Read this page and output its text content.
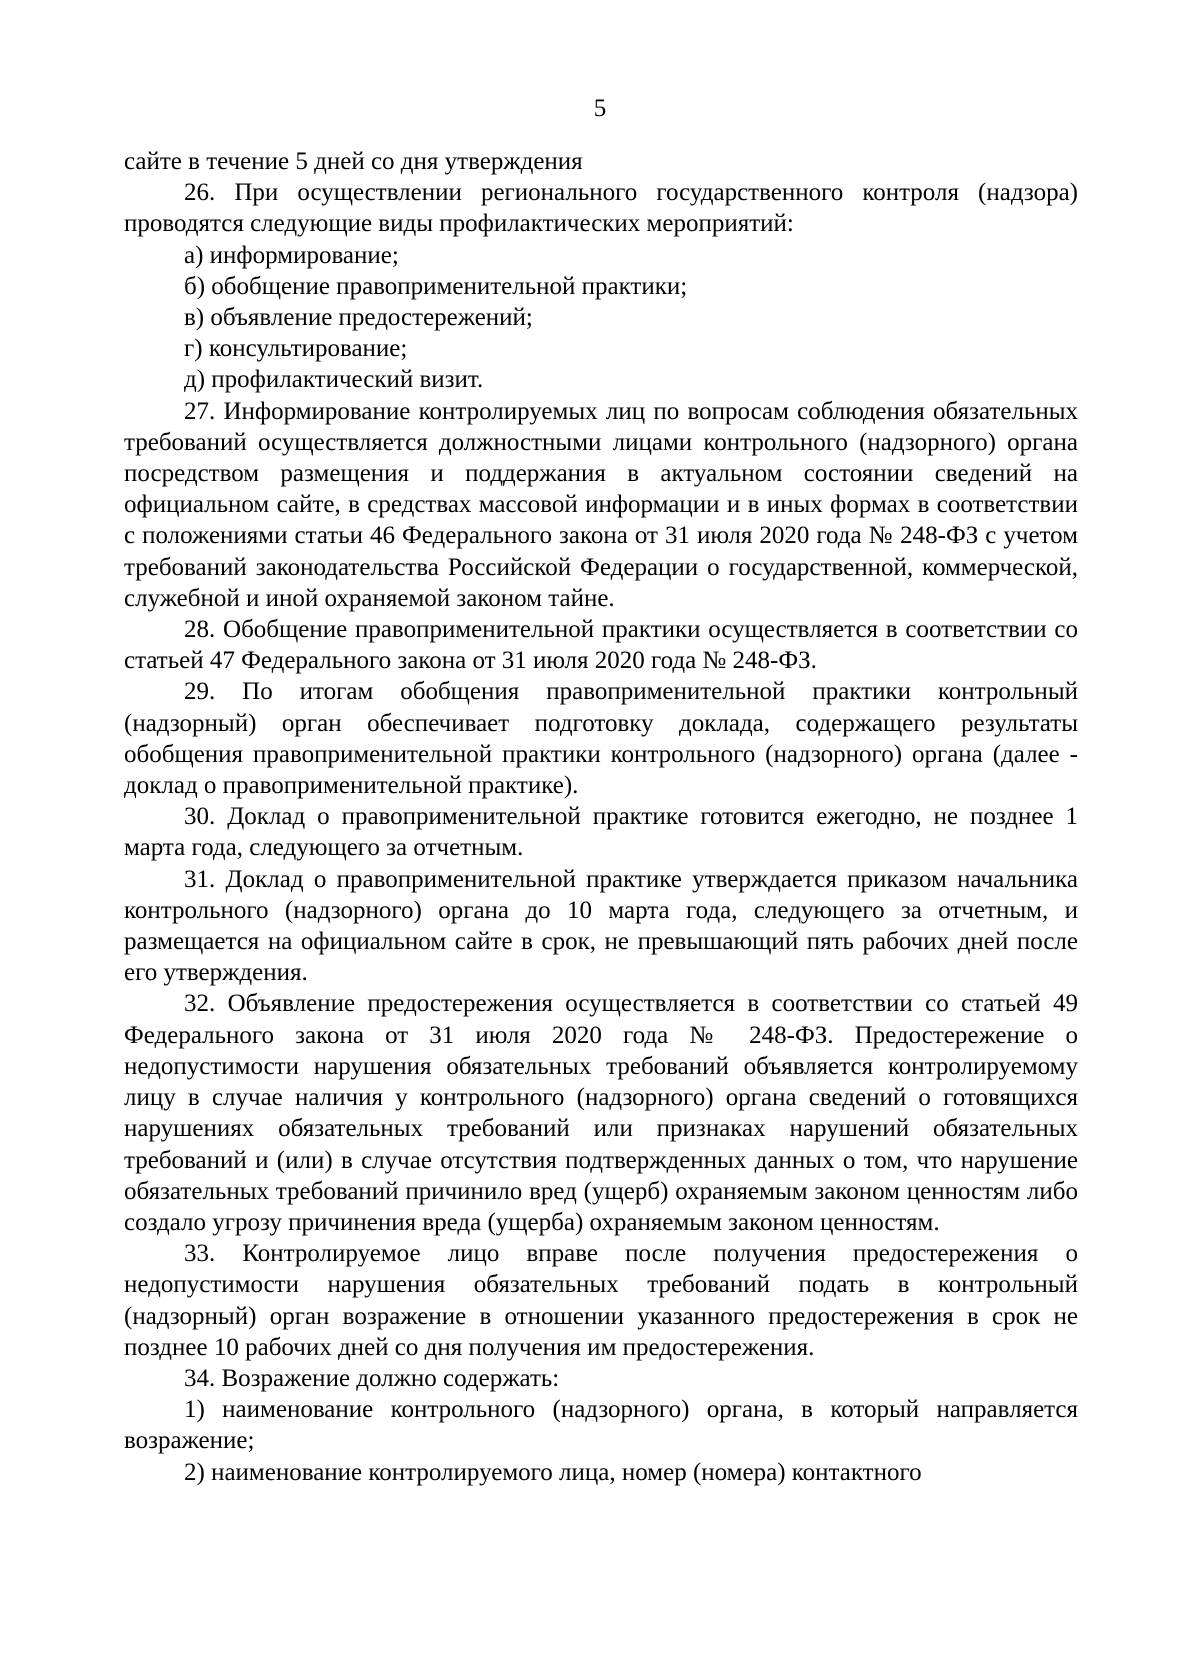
5

сайте в течение 5 дней со дня утверждения

26. При осуществлении регионального государственного контроля (надзора) проводятся следующие виды профилактических мероприятий:

а) информирование;

б) обобщение правоприменительной практики;

в) объявление предостережений;

г) консультирование;

д) профилактический визит.

27. Информирование контролируемых лиц по вопросам соблюдения обязательных требований осуществляется должностными лицами контрольного (надзорного) органа посредством размещения и поддержания в актуальном состоянии сведений на официальном сайте, в средствах массовой информации и в иных формах в соответствии с положениями статьи 46 Федерального закона от 31 июля 2020 года № 248-ФЗ с учетом требований законодательства Российской Федерации о государственной, коммерческой, служебной и иной охраняемой законом тайне.

28. Обобщение правоприменительной практики осуществляется в соответствии со статьей 47 Федерального закона от 31 июля 2020 года № 248-ФЗ.

29. По итогам обобщения правоприменительной практики контрольный (надзорный) орган обеспечивает подготовку доклада, содержащего результаты обобщения правоприменительной практики контрольного (надзорного) органа (далее - доклад о правоприменительной практике).

30. Доклад о правоприменительной практике готовится ежегодно, не позднее 1 марта года, следующего за отчетным.

31. Доклад о правоприменительной практике утверждается приказом начальника контрольного (надзорного) органа до 10 марта года, следующего за отчетным, и размещается на официальном сайте в срок, не превышающий пять рабочих дней после его утверждения.

32. Объявление предостережения осуществляется в соответствии со статьей 49 Федерального закона от 31 июля 2020 года № 248-ФЗ. Предостережение о недопустимости нарушения обязательных требований объявляется контролируемому лицу в случае наличия у контрольного (надзорного) органа сведений о готовящихся нарушениях обязательных требований или признаках нарушений обязательных требований и (или) в случае отсутствия подтвержденных данных о том, что нарушение обязательных требований причинило вред (ущерб) охраняемым законом ценностям либо создало угрозу причинения вреда (ущерба) охраняемым законом ценностям.

33. Контролируемое лицо вправе после получения предостережения о недопустимости нарушения обязательных требований подать в контрольный (надзорный) орган возражение в отношении указанного предостережения в срок не позднее 10 рабочих дней со дня получения им предостережения.

34. Возражение должно содержать:

1) наименование контрольного (надзорного) органа, в который направляется возражение;

2) наименование контролируемого лица, номер (номера) контактного
